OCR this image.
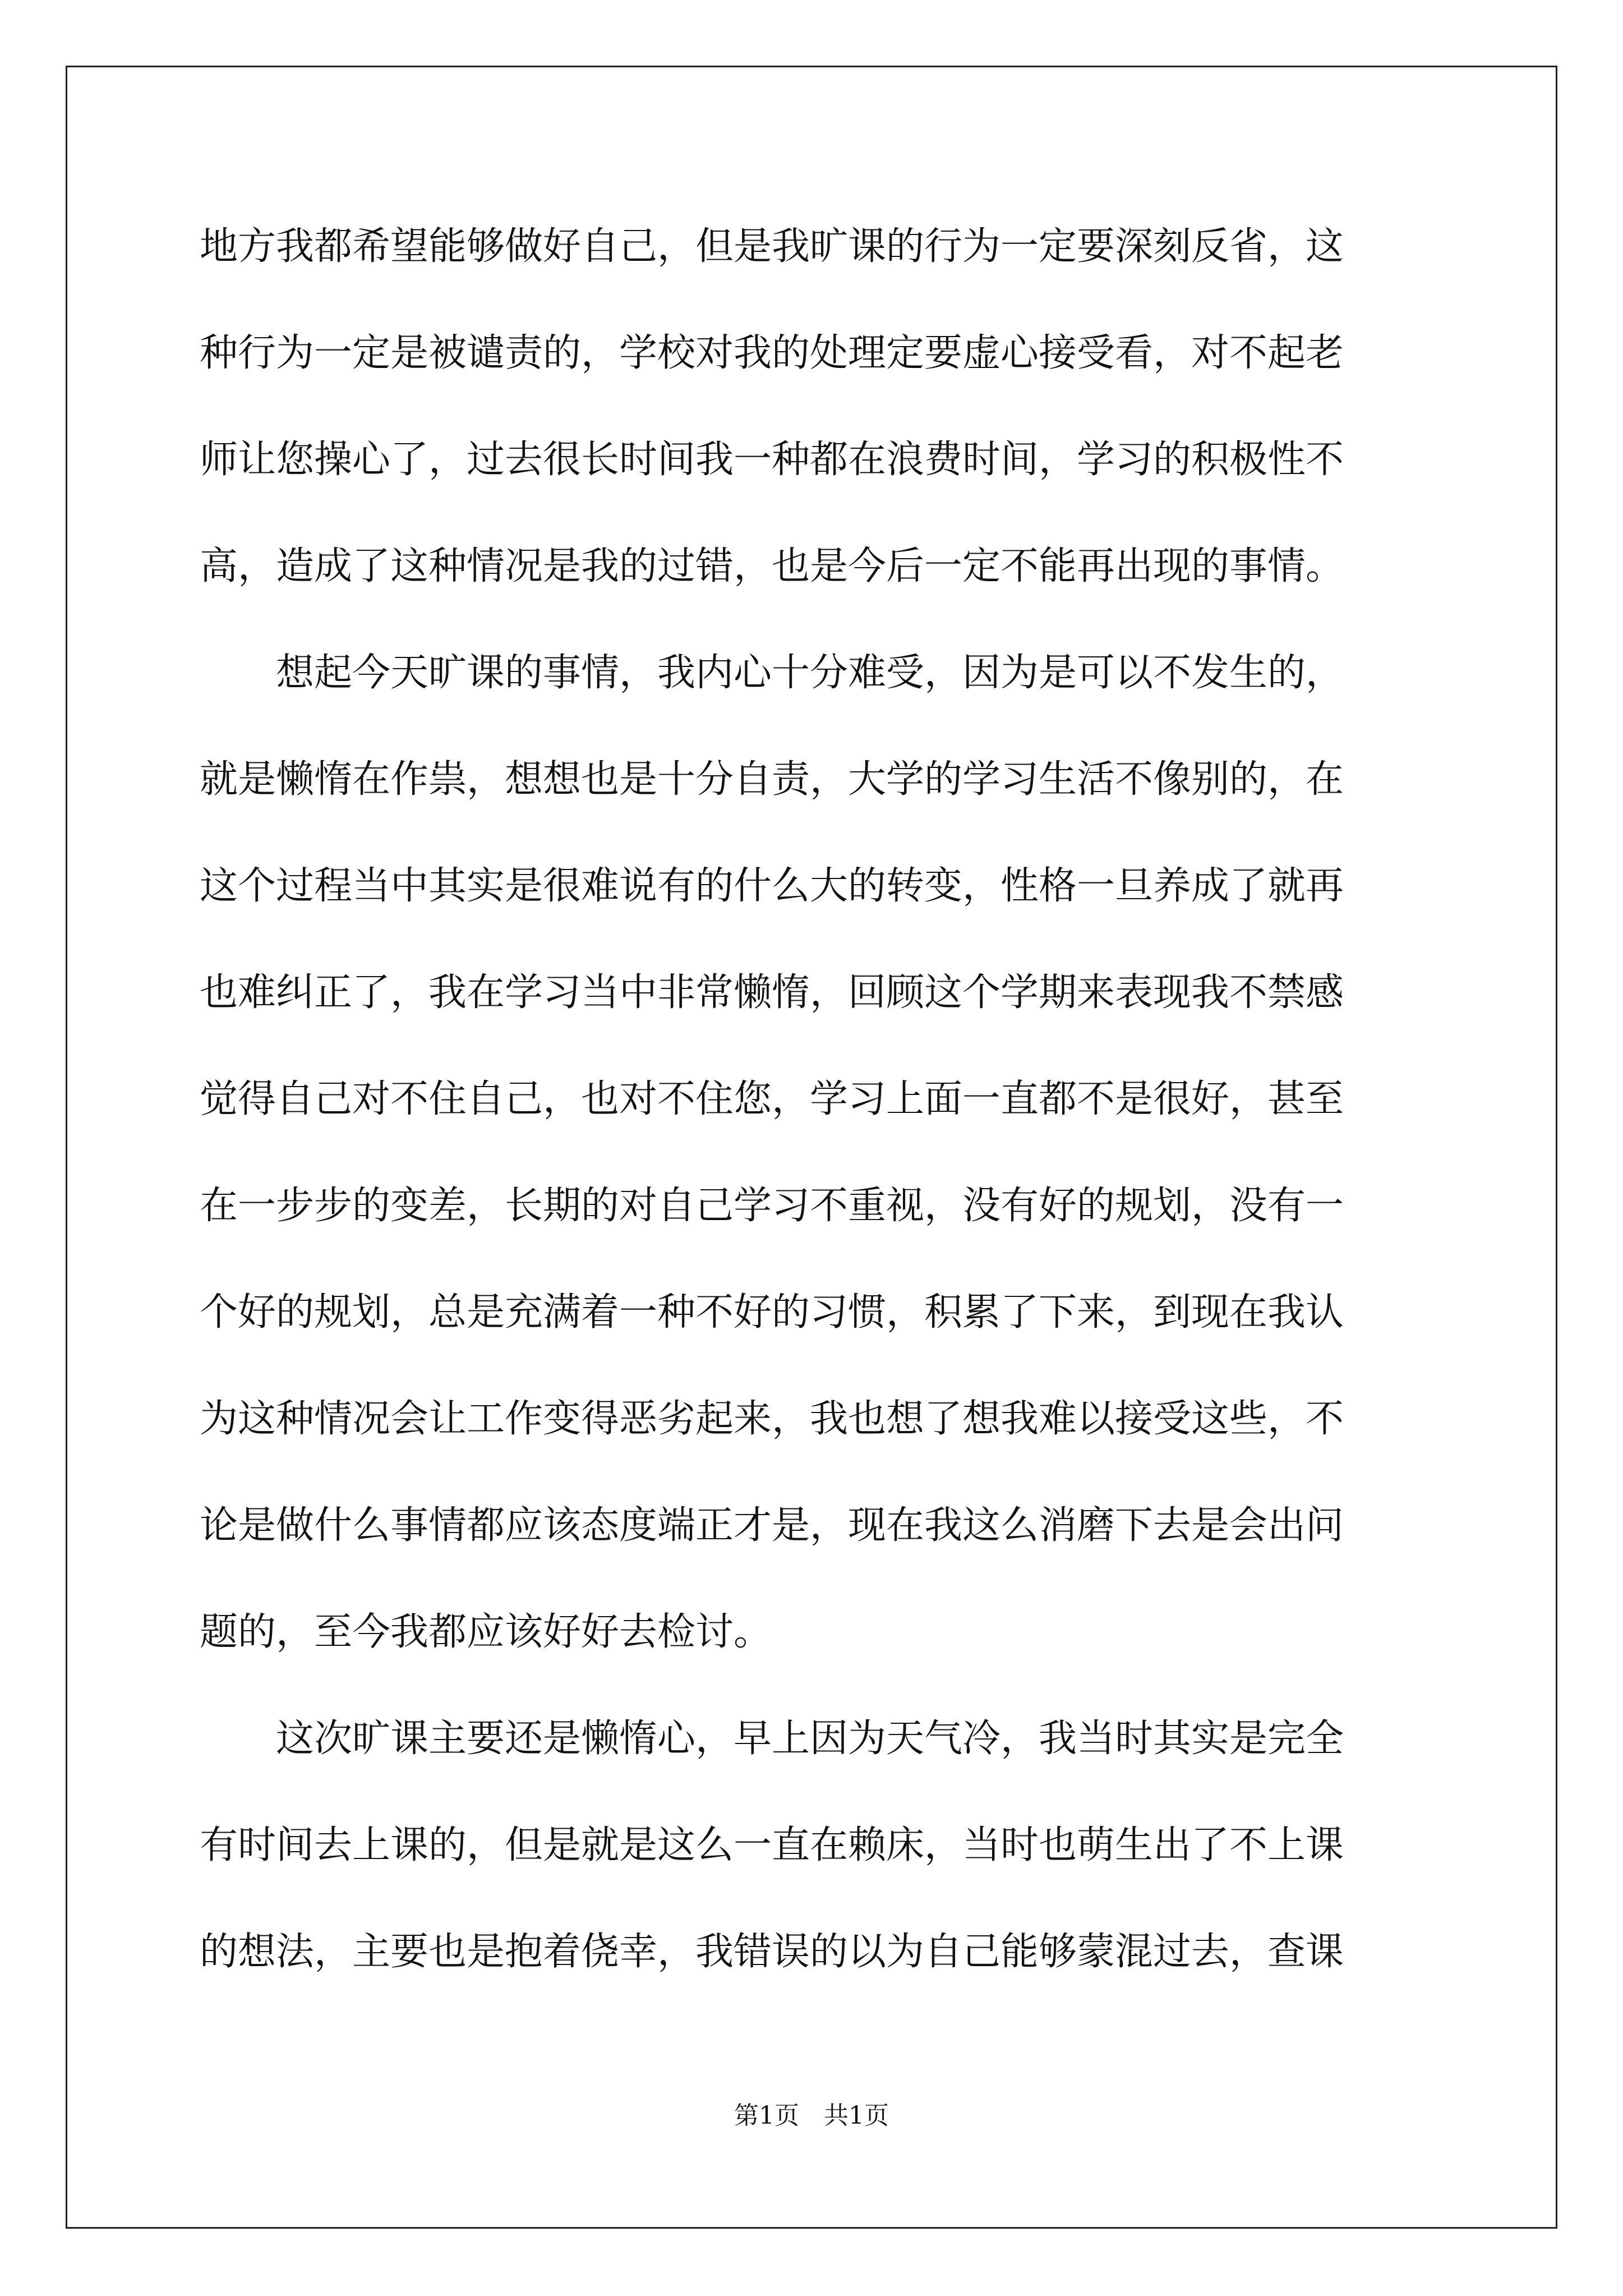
地方我都希望能够做好自己，但是我旷课的行为一定要深刻反省，这
种行为一定是被谴责的，学校对我的处理定要虚心接受看，对不起老
师让您操心了，过去很长时间我一种都在浪费时间，学习的积极性不
高，造成了这种情况是我的过错，也是今后一定不能再出现的事情。
　　想起今天旷课的事情，我内心十分难受，因为是可以不发生的，
就是懒惰在作祟，想想也是十分自责，大学的学习生活不像别的，在
这个过程当中其实是很难说有的什么大的转变，性格一旦养成了就再
也难纠正了，我在学习当中非常懒惰，回顾这个学期来表现我不禁感
觉得自己对不住自己，也对不住您，学习上面一直都不是很好，甚至
在一步步的变差，长期的对自己学习不重视，没有好的规划，没有一
个好的规划，总是充满着一种不好的习惯，积累了下来，到现在我认
为这种情况会让工作变得恶劣起来，我也想了想我难以接受这些，不
论是做什么事情都应该态度端正才是，现在我这么消磨下去是会出问
题的，至今我都应该好好去检讨。
　　这次旷课主要还是懒惰心，早上因为天气冷，我当时其实是完全
有时间去上课的，但是就是这么一直在赖床，当时也萌生出了不上课
的想法，主要也是抱着侥幸，我错误的以为自己能够蒙混过去，查课
第1页　共1页
